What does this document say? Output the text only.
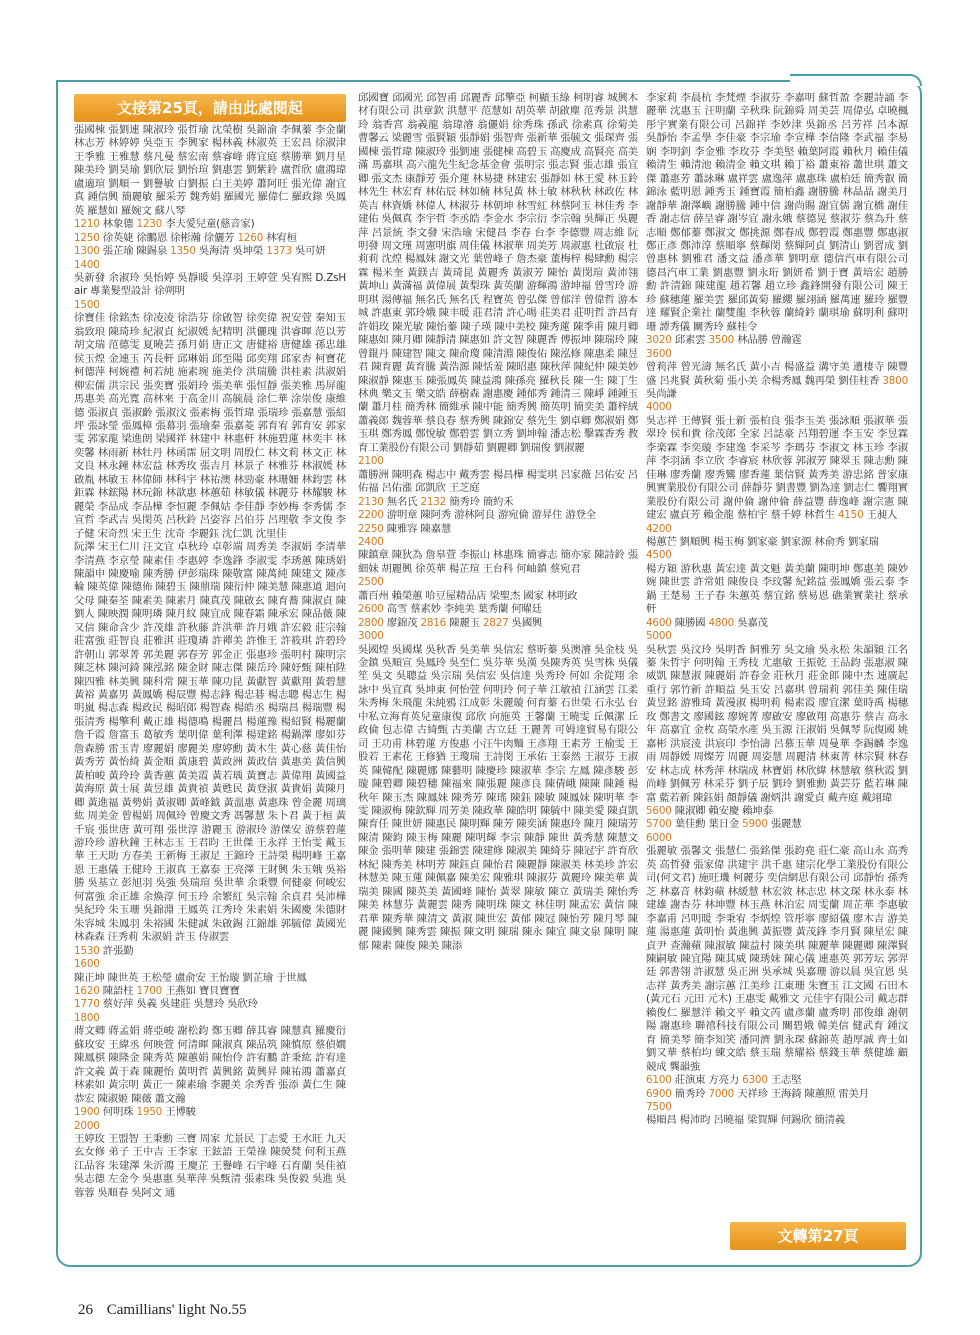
文接第25頁，請由此處閱起
張國棟 張劉連 陳淑玲 張哲瑜 沈榮樹 吳錦渝 李佩蓁 李金蘭 林志芳 林婷婷 吳亞玉 李興家 楊林義 林淑英 王宏昌 徐淑津 王季雅 王雅慧 蔡凡曼 蔡宏南 蔡睿峰 蔣宜庭 蔡勝華 劉月星 陳美玲 劉昊瑜 劉欣辰 劉怡瑄 劉惠雲 劉紫鈴 盧哲欣 盧鴻瑋 盧適瑄 劉順一 劉譽敏 白劉振 白王美婷 蕭阿旺 張光偉 謝宜真 鍾信興 簡麗敏 羅采芳 魏秀娟 羅國光 羅偉仁 羅政錄 吳鳳英 羅慧如 羅婉文 蘇八琴
1210 林象德 1230 李夫愛兒童(慈音家)
1250 徐英婕 徐鵬恩 徐彬瀚 徐儷芳 1260 林宥桓
1300 張芷瑜 陳錫泉 1350 吳海清 吳坤榮 1373 吳可妍
1400
吳新發 余淑玲 吳怡婷 吳靜暖 吳淳羽 王婷萱 吳宥熙 D.ZsHair 專業髮型設計 徐朔明
1500
徐寶佳 徐銘杰 徐凌凌 徐浩芬 徐啟智 徐奕偉 祝安萱 秦知玉 翁致琅 陳琦珍 紀淑貞 紀淑媛 紀精明 洪儷瑰 洪睿暉 范以芳 胡文瑞 范德雯 夏曉芸 孫月娟 唐正文 唐健裕 唐健雄 孫忠雄 侯玉煌 金連玉 芮長軒 邱琳娟 邱至陽 邱奕翔 邱家杏 柯寶花 柯德萍 柯婉禮 柯若純 施素琬 施美伶 洪瑞騰 洪桂素 洪淑娟 柳宏儒 洪宗民 張奕寶 張娟玲 張美華 張恒靜 張美雅 馬屏龍 馬惠美 高光寬 高林來 于高金川 高毓晨 涂仁華 涂崇俊 康維德 張淑貞 張淑齡 張淑汶 張素梅 張哲瑋 張瑞珍 張嘉慧 張紹坪 張詠瑩 張鳳樟 張幕羽 張瑜秦 張嘉菱 郭育宥 郭育安 郭家雯 郭家龍 梁進朗 梁國祥 林建中 林惠軒 林施碧蓮 林奕丰 林奕馨 林雨新 林牡丹 林函霈 屈文明 周殷仁 林文莉 林文正 林文良 林永鐘 林宏益 林秀玫 張吉月 林景子 林雅芬 林淑媛 林啟胤 林敏玉 林偉師 林科宇 林祐澳 林勁豪 林珊姍 林鈞雲 林鉅霖 林鋐陽 林玩錦 林歆惠 林蕙茹 林敏儀 林麗芬 林耀駿 林麗榮 李品成 李品樺 李恒麗 李佩姑 李佳靜 李妙梅 李秀儒 李宣哲 李武吉 吳閔英 呂秋鈴 呂姿容 呂伯芬 呂理敬 李文俊 李子健 宋奇烈 宋王生 沈奇 李麗鈺 沈仁凱 沈里佳
阮澤 宋王仁川 汪文宜 卓秋玲 卓彰端 周秀美 李淑娟 李清華 李清燕 李京瑩 陳素佳 李惠婷 李逸鋒 李淑雯 李琇蕙 陳琇娟 陳韻申 陳慶喻 陳秀勝 伊彭瑞珠 陳敬富 陳萬純 陳建文 陳彥輪 陳英偉 陳德佈 陳碧玉 陳鼎瑞 陳衍仲 陳美慧 陳惠道 迴向父母 陳秦荃 陳素美 陳素月 陳真茂 陳啟玄 陳育蕎 陳淑貞 陳劉人 陳映潤 陳明璘 陳月紋 陳宜成 陳春霜 陳承宏 陳品薇 陳又信 陳命含少 許茂雄 許秋藤 許洪華 許月娥 許宏毅 莊宗翰 莊富強 莊智良 莊雅淇 莊瓊璘 許禪美 許惟王 許筱琪 許碧玲 許朝山 郭翠菁 郭美麗 郭春芳 郭金正 張惠珍 張明村 陳明宗 陳芝林 陳河錡 陳泓銘 陳金財 陳志傑 陳岳玲 陳妤甄 陳柏陞 陳四雅 林美興 陳科常 陳玉華 陳功昆 黃獻智 黃獻翔 黃碧慧 黃裕 黃嘉男 黃鳳嬌 楊辰豐 楊志鋒 楊忠碁 楊志聰 楊志生 楊明嵐 楊志森 楊政民 楊昭郎 楊智森 楊皓丞 楊瑞昌 楊瑞豐 楊張清秀 楊擎利 戴正雄 楊德鳴 楊麗昌 楊蓮豫 楊紹賢 楊麗蘭 詹千霞 詹富玉 葛敏秀 葉明偉 葉利澤 楊建銘 楊鍋澤 廖如芬 詹森勝 雷玉青 廖麗娟 廖麗美 廖婷勳 黃木生 黃心慈 黃佳怡 黃秀芳 黃怡綺 黃金順 黃康碧 黃政洲 黃政信 黃惠美 黃信興 黃柏峻 黃玲玲 黃香蕙 黃美霞 黃若瑀 黃寶志 黃偉翔 黃國益 黃海原 黃士展 黃昱雄 黃貴禎 黃甦民 黃登淑 黃貴娟 黃陳月卿 黃進福 黃勢娟 黃淑卿 黃峰鉞 黃溫惠 黃惠珠 曾金麗 周璃紘 周美金 曾楊娟 周佩玲 曾慶文秀 馮馨慧 朱卜君 黃于桓 黃千宸 張世唐 黃可翔 張世淳 游麗玉 游淑玲 游傑安 游蔡碧蓮 游玲珍 游秋鐘 王林志玉 王君昀 王世傑 王永祥 王怡雯 戴玉華 王天助 方春美 王新梅 王淑足 王錦玲 王詩榮 楊明峰 王嘉恩 王惠儀 王健玲 王淑真 王嘉泰 王亮澤 王財興 朱玉娥 吳裕勝 吳基立 彭旭羽 吳強 吳瑞瑄 吳世華 余秉豐 何健豪 何峻宏 何富強 余正雄 余煥淳 何玉玲 余繁紅 吳宗翰 余貞君 吳沛樺 吳紀玲 朱玉珊 吳錦淵 王鳳英 江秀玲 朱素娟 朱國慶 朱德財 朱容城 朱鳳羽 朱裕國 朱健誠 朱啟錫 江錦雄 郭毓偉 黃國光 林森森 汪秀莉 朱淑娟 許玉 侍淑雲
1530 許張勤
1600
陳正坤 陳世英 王松瑩 盧俞安 王怡璇 劉芷瑜 于世鳳
1620 陳語柱 1700 王燕如 寶貝寶寶
1770 蔡好萍 吳義 吳建莊 吳慧玲 吳欣玲
1800
蔣文卿 蔣孟娟 蔣亞峻 謝松鈞 鄭玉卿 薛其睿 陳慧真 羅慶衍 蘇玫安 王緯丞 何映萱 何清暉 陳淑真 陳品筑 陳慎原 蔡偵嫺 陳鳳棋 陳隆金 陳秀英 陳蕙娟 陳怡伶 許宥鵬 許秉紘 許宥達 許文義 黃于森 陳麗怡 黃明哲 黃興銘 黃興昇 陳祐鴻 蕭嘉貞 林素如 黃宗明 黃正一 陳素瑜 李麗美 余秀香 張添 黃仁生 陳恭宏 陳淑姬 陳薇 蕭文瀚
1900 何明珠 1950 王博駿
2000
王婷玫 王盟智 王秉勳 三寶 周家 尤景民 丁志愛 王水旺 九天玄女修 弟子 王中吉 王李家 王鉉語 王榮祿 陳熒焚 何利玉燕 江品容 朱建澤 朱沂鴻 王慶芷 王譽峰 石宇峰 石育蘭 吳佳禎 吳志德 左金今 吳惠惠 吳華萍 吳甄清 張素珠 吳俊毅 吳進 吳蓉蓉 吳順春 吳阿文 通
邱國寶 邱國光 邱智甫 邱麗香 邱擎亞 柯顯玉綠 柯明睿 城興木材有限公司 洪章欽 洪慧平 范慧如 胡英華 胡啟塵 范秀景 洪慧玲 翁香宮 翁義龍 翁瑋濬 翁儷娟 徐秀珠 孫武 徐素真 徐菊美 曹馨云 梁麗雪 張賢穎 張靜娟 張智齊 張新華 張毓文 張琛齊 張國棟 張哲瑋 陳淑玲 張劉連 張健棟 高碧玉 高慶成 高賢亮 高美滿 馬嘉琪 高六龍先生紀念基金會 張明宗 張志賢 張志雄 張宜卿 張文杰 康靜芳 張介蓮 林易捷 林建宏 張靜如 林王愛 林玉鈴 林先生 林宏育 林佑辰 林如楠 林兒黃 林士敏 林秋秋 林政佐 林英吉 林資嬌 林偉人 林淑芬 林朝坤 林雪紅 林蔡阿玉 林佳秀 李建佑 吳佩真 李宇哲 李丞皓 李金水 李宗衍 李宗翰 吳輝正 吳麗萍 呂景統 李文發 宋浩瑜 宋健昌 李春 台李 李德豐 周志維 阮明發 周文瑾 周憲明旗 周佳儀 林淑華 周美芳 周淑惠 杜啟宸 杜莉莉 沈煌 楊鳳妹 謝文光 葉曾峰子 詹杰豪 董梅梓 楊肆勳 楊宗霖 楊米奎 黃鎂吉 黃琦昆 黃麗秀 黃淑芳 陳怡 黃閔瑄 黃沛翎 黃坤山 黃滿福 黃偉展 黃梨珠 黃英蘭 游輝鴻 游坤福 曾雪玲 游明琪 湯傳福 無名氏 無名氏 程寶英 曾弘傑 曾郁洋 曾偉哲 游本城 許惠東 郭玲娥 陳丰暖 莊君清 許心暘 莊美君 莊明哲 許昌育 許娟玫 陳光敏 陳怡蓁 陳子瑛 陳中美校 陳秀蓮 陳季甫 陳月卿 陳惠如 陳月卿 陳靜清 陳惠如 許文智 陳麗香 傅振坤 陳瑞玲 陳曾錕丹 陳建智 陳文 陳俞瓊 陳清淵 陳俊佑 陳泓修 陳惠柔 陳昱君 陳育麗 黃育騰 黃浩源 陳恬羞 陳昭惠 陳秋萍 陳紀仲 陳美妙 陳淑靜 陳惠玉 陳張鳳英 陳益鴻 陳孫亮 羅秋長 陳一生 陳丁生 林典 樂文玉 樂文皓 薛樹森 謝惠慶 鍾郁秀 鍾清三 陳崢 鍾鍾玉蘭 蕭月桂 簡秀林 簡維承 陳中能 簡秀興 簡英明 簡奕美 蕭梓絨 蕭義郎 魏蓉華 蔡良春 蔡秀興 陳錦安 蔡先生 劉卓卿 鄭淑娟 鄭玉琪 鄭秀鳳 鄭悅敏 鄭碧雲 劉立秀 劉坤翰 潘志松 擊霖香秀 教育工業股份有限公司 劉靜茹 劉麗卿 劉瑞俊 劉淑麗
2100
蕭勝洲 陳明森 楊志中 戴秀雲 楊昌樺 楊雯琪 呂家薇 呂佑安 呂佑福 呂佑漲 邱凱欣 王芝庭
2130 無名氏 2132 簡秀玲 簡約禾
2200 游明章 陳阿秀 游林阿良 游宛倫 游昇住 游登全
2250 陳雅容 陳嘉慧
2400
陳鎮章 陳狄為 詹皋萱 李振山 林惠珠 簡睿志 簡亦家 陳詩鈴 張細妹 胡麗興 徐英華 楊芷瑄 王台科 何岫鎮 蔡宛君
2500
蕭百州 賴榮蕙 哈豆屋精品店 梁聖杰 國家 林明政
2600 高雪 蔡素妙 李純美 葉秀蘭 何曜廷
2800 廖錦茂 2816 陳麗玉 2827 吳國興
3000
吳國煌 吳國煤 吳秋香 吳美華 吳信宏 蔡昕蓁 吳澳濬 吳金枝 吳金鎮 吳順宣 吳鳳玲 吳至仁 吳芬華 吳漢 吳陳秀英 吳雪株 吳儀笙 吳文 吳聰益 吳宗瑞 吳信宏 吳信達 吳秀玲 何如 余從翔 余詠中 吳宜真 吳坤東 何怡萱 何明玲 何子華 江敏禎 江涵雲 江柔 朱秀梅 朱飛龍 朱純鴉 江成彰 朱麗璇 何育蓁 石世榮 石永弘 台中私立海育英兒童康復 邱欣 向施英 王馨蘭 王曉雯 丘佩潔 丘政倫 包志偉 古綺甄 古美蘭 古立廷 王麗菁 可姆達貿易有限公司 王功甫 林碧蓮 方俊惠 小汪牛肉麵 王彥翔 王素芳 王榆雯 王股若 王素花 王修猶 王瓊瑞 王詩閔 王承佑 王泰然 王淑芬 王淑英 陳韓配 陳麗娜 陳藝明 陳慶珍 陳淑華 李宗 左鳳 陳彥駿 彭璇 陳碧卿 陳碧穗 陳福來 陳張麗 陳彥良 陳倩峨 陳陳 陳鍾 楊秋年 陳玉杰 陳鳳妹 陳秀芳 陳瑤 陳鈺 陳敏 陳鳳妹 陳明華 李雯 陳淑梅 陳欽輝 周芳美 陳政華 陳皓明 陳毓中 陳美愛 陳貞凱 陳育任 陳世妍 陳惠民 陳明輝 陳芳 陳奕涵 陳惠玲 陳月 陳瑞芳 陳清 陳鈞 陳玉梅 陳麗 陳明輝 李宗 陳靜 陳世 黃秀慧 陳慧文 陳金 張明華 陳建 張錦雲 陳建修 陳淑美 陳綺芬 陳冠宇 許育欣 林紀 陳秀美 林明芳 陳鈺貞 陳怡君 陳麗靜 陳淑美 林美珍 許宏 林慧美 陳玉蓮 陳佩嘉 陳美宏 陳雅琪 陳淑芬 黃麗玲 陳美華 黃瑞美 陳國 陳英美 黃國峰 陳怡 黃翠 陳敏 陳立 黃瑞美 陳怡秀 陳美 林慧芬 黃麗雲 陳秀 陳明珠 陳文 林佳明 陳孟宏 黃信 陳君華 陳秀華 陳清文 黃淑 陳世宏 黃郁 陳冠 陳怡芳 陳月琴 陳麗 陳國興 陳秀雲 陳振 陳文明 陳瑞 陳永 陳宜 陳文泉 陳明 陳郁 陳素 陳俊 陳美 陳添
李家莉 李晨杭 李梵煙 李淑芬 李嘉明 蘇哲盈 李麗詩誦 李麗華 沈惠玉 汪明蘭 辛秋珠 阮錦舜 周美芸 周偉弘 卓曉楓 彤宇實業有限公司 呂錦祥 李妙津 吳錦丞 呂芳祥 呂本源 吳靜怡 李孟學 李佳豪 李宗瑜 李宣樺 李信隆 李武福 李易娴 李明釗 李金雅 李玫芬 李美堅 賴葉阿霞 賴秋月 賴佳儀 賴清生 賴清池 賴清金 賴文琪 賴丁裕 蕭東裕 蕭世琪 蕭文傑 蕭惠芳 蕭詠琳 盧祥雲 盧逸萍 盧惠珠 盧柏廷 簡秀叡 簡錦泳 藍明恩 鍾秀玉 鍾寶霞 簡柏鑫 謝勝騰 林晶晶 謝美月 謝靜華 謝澤嶼 謝勝騰 鍾中信 謝尚賜 謝宜儒 謝宜橋 謝佳香 謝志信 薛呈睿 謝岑宜 謝永娥 蔡德晃 蔡淑芬 蔡為升 蔡志順 鄭郁蓁 鄭淑文 鄭挑源 鄭春成 鄭碧霞 鄭惠豐 鄭惠淑 鄭正彥 鄭沛淳 蔡順寧 蔡輝閔 蔡輝阿貞 劉清山 劉習成 劉曾惠林 劉雅君 潘文益 潘彥華 劉明章 德信汽車有限公司 德昌汽車工業 劉惠豐 劉永珩 劉妍希 劉于寶 黃培宏 趙勝勳 許清錦 陳建龍 趙若馨 趙立珍 鑫鋒開發有限公司 陳王珍 蘇穗蓮 羅美雲 羅邱黃菊 羅纓 羅翊涵 羅萬連 羅玲 羅豐達 耀賢企業社 蘭雙龍 李秋蓉 蘭綺鈐 蘭琪瑜 蘇明利 蘇明珊 譚秀儀 關秀玲 蘇桂令
3020 邱素雲 3500 林品勝 曾瀚霆
3600
曾莉萍 曾光濤 無名氏 黃小吉 楊盛益 溝守美 遺棲寺 陳豐盛 呂兆賢 黃秋菊 張小美 余楊秀鳳 魏再榮 劉佳桂香 3800 吳尚謙
4000
吳志祥 王傳賢 張士新 張柏良 張李玉美 張詠順 張淑華 張翠玲 侯和貴 徐茂郎 全家 呂誌豪 呂翔碧運 李玉安 李昱霖 李楽霖 李奕璇 李建逸 李采芩 李瑪芬 李淑文 林玉珍 李淑萍 李羽涵 李立欣 李睿宸 林欣蓉 郭淑芳 陳翠玉 陳志勳 陳佳琳 廖秀蘭 廖秀鸞 廖香蓮 葉信賢 黃秀美 游忠銘 普家康興實業股份有限公司 薛靜芬 劉書豐 劉為達 劉志仁 饗翔實業股份有限公司 謝仲倫 謝仲倫 薛益豐 薛逸峰 謝宗憲 陳建宏 盧貞芳 賴金龍 蔡柏宇 蔡千婷 林哲生 4150 王昶人
4200
楊蕙芒 劉順興 楊玉梅 劉家豪 劉家源 林俞秀 劉家瑞
4500
楊方穎 游秋惠 黃宏達 黃文魁 黃美蘭 陳明坤 鄭惠美 陳妙婉 陳世雲 許常姐 陳俊良 李玟馨 紀銘益 張鳳嬌 張云泰 李鍋 王楚易 王子春 朱蕙英 蔡宜銘 蔡易恩 礁業實業社 蔡承軒
4600 陳勝國 4800 吳嘉茂
5000
吳秋雲 吳汶玲 吳明香 飼雅芳 吳文瑜 吳永松 朱韻穎 江名蓁 朱哲宇 何明翰 王秀枝 尤惠敏 王振乾 王品鈞 張惠淑 陳威凱 陳慧淑 陳麗娟 許春金 莊秋月 莊金郎 陳中杰 連廣起重行 郭竹新 許順益 吳玉安 呂嘉琪 曾瑞莉 郭佳美 陳佳瑞 黃昱銘 游雅琦 黃漫淑 楊明莉 楊素霞 廖宜潔 葉時禹 楊穗玫 鄭書文 廖國鉉 廖婉菁 廖啟安 廖啟翔 高惠芬 蔡吉 高永年 高嘉宜 金枚 高榮水產 吳玉源 汪淑娟 吳佩琴 阮復國 姚嘉彬 洪宸淩 洪宸印 李怡濤 呂慕玉華 周曼華 李錫麟 李逸雨 周靜媛 周燦芳 周麗 周姿慧 周麗清 林東菁 林宗賢 林春安 林志成 林秀萍 林瑞成 林寶娟 林欣緯 林慧敏 蔡秋霞 劉尚峰 劉佩芳 林采芬 劉子辰 劉玲 劉雅勳 黃芸芬 藍若琳 陳富 藍若新 陳鈺娟 顏靜儀 謝炳洪 謝愛貞 戴卉庭 戴翊瑋
5600 陳淑卿 賴安慶 賴坤泰
5700 葉佳勳 葉日金 5900 張麗慧
6000
張麗敏 張馨文 張慧仁 張銘傑 張鈞堯 莊仁豪 高山永 高秀英 高哲發 張家偉 洪建宇 洪千惠 建宗化學工業股份有限公司(何文君) 施旺璣 柯麗芬 奕信網思有限公司 邱靜怡 孫秀芝 林嘉音 林鈞蘋 林緩慧 林宏敘 林志忠 林文琛 林永泰 林建雄 謝杏芬 林坤豐 林玉燕 林泊宏 周雯蘭 周芷華 李惠敏 李嘉甫 呂明暖 李秉宥 李炳煌 管彤寧 廖紹儀 廖木吉 游美蓮 湯惠蓮 黃明怡 黃進興 黃振豐 黃茂鋒 李月賢 陳星宏 陳貞尹 查瀚蘋 陳淑敏 陳益村 陳美琪 陳麗華 陳麗卿 陳澤賢 陳嗣敏 陳宜陽 陳其威 陳琇妹 陳心儀 連惠英 郭芳坛 郭羿廷 郭書翎 許淑慧 吳正洲 吳承城 吳嘉珊 游以晨 吳宜恩 吳志祥 黃秀美 謝宗蕙 江美珍 江東珊 朱寶玉 江文國 石田木(黃元石 元田 元木) 王惠雯 戴雅文 元佳宇有限公司 戴志群 賴俊仁 羅慧洋 賴文平 賴文芮 盧彥蘭 盧秀明 邵俊雄 謝朝陽 謝惠珍 聯禧科技有限公司 關碧娥 韓美信 健武育 鍾汶育 簡美琴 簡李知笑 潘同濟 劉永琛 蘇錦英 趙厚誠 齊士如 劉又華 蔡柏均 練文皓 蔡玉瑞 蔡耀裕 蔡錢玉華 蔡健雄 顧競成 龔韻強
6100 莊演東 方亮力 6300 王志堅
6900 簡秀玲 7000 天祥珍 王海錡 陳蕙照 雷美月
7500
楊順昌 楊沛昀 呂曉福 梁賀輝 何錫欣 簡清義
文轉第27頁
26 Camillians' light No.55
